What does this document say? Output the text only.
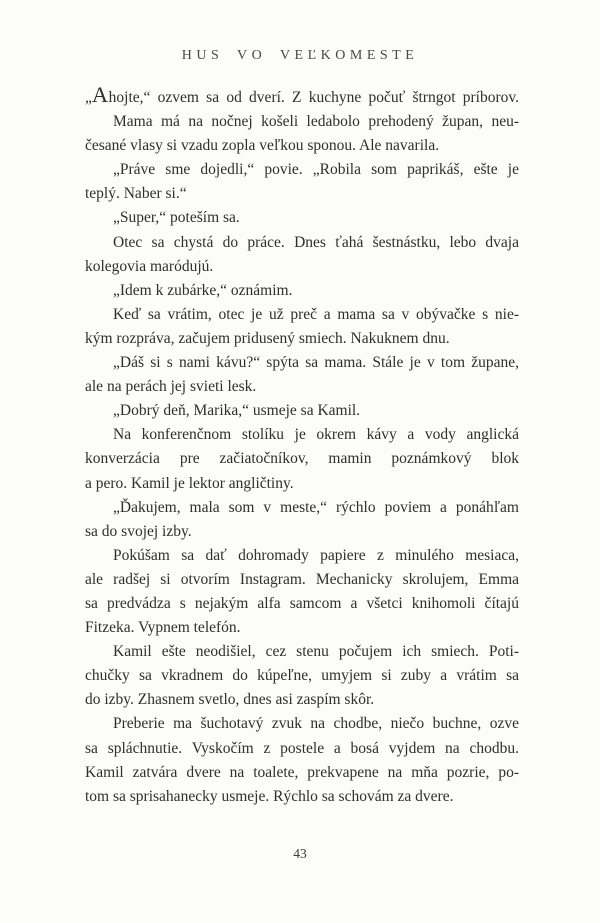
HUS VO VEĽKOMESTE
„Ahojte,“ ozvem sa od dverí. Z kuchyne počuť štrngot príborov.
Mama má na nočnej košeli ledabolo prehodený župan, neu-
česané vlasy si vzadu zopla veľkou sponou. Ale navarila.
„Práve sme dojedli,“ povie. „Robila som paprikáš, ešte je
teplý. Naber si.“
„Super,“ poteším sa.
Otec sa chystá do práce. Dnes ťahá šestnástku, lebo dvaja
kolegovia maródujú.
„Idem k zubárke,“ oznámim.
Keď sa vrátim, otec je už preč a mama sa v obývačke s nie-
kým rozpráva, začujem pridusený smiech. Nakuknem dnu.
„Dáš si s nami kávu?“ spýta sa mama. Stále je v tom župane,
ale na perách jej svieti lesk.
„Dobrý deň, Marika,“ usmeje sa Kamil.
Na konferenčnom stolíku je okrem kávy a vody anglická
konverzácia pre začiatočníkov, mamin poznámkový blok
a pero. Kamil je lektor angličtiny.
„Ďakujem, mala som v meste,“ rýchlo poviem a ponáhľam
sa do svojej izby.
Pokúšam sa dať dohromady papiere z minulého mesiaca,
ale radšej si otvorím Instagram. Mechanicky skrolujem, Emma
sa predvádza s nejakým alfa samcom a všetci knihomoli čítajú
Fitzeka. Vypnem telefón.
Kamil ešte neodišiel, cez stenu počujem ich smiech. Poti-
chučky sa vkradnem do kúpeľne, umyjem si zuby a vrátim sa
do izby. Zhasnem svetlo, dnes asi zaspím skôr.
Preberie ma šuchotavý zvuk na chodbe, niečo buchne, ozve
sa spláchnutie. Vyskočím z postele a bosá vyjdem na chodbu.
Kamil zatvára dvere na toalete, prekvapene na mňa pozrie, po-
tom sa sprisahanecky usmeje. Rýchlo sa schovám za dvere.
43
